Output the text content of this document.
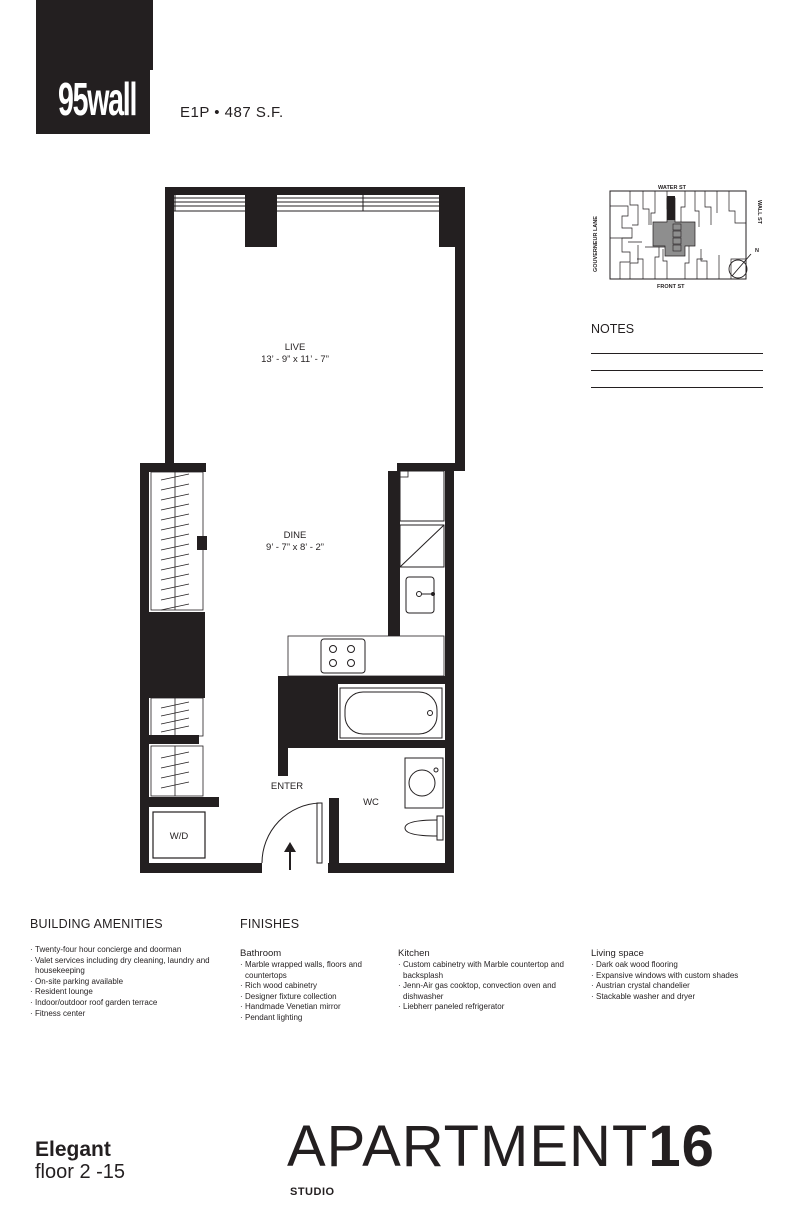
95wall	E1P • 487 S.F.
W/D
LIVE
13’ - 9” x 11’ - 7”
DINE
9’ - 7” x 8’ - 2”
ENTER
WC
WATER ST
FRONT ST
GOUVERNEUR LANE
WALL ST
N
NOTES
BUILDING AMENITIES
· Twenty-four hour concierge and doorman
· Valet services including dry cleaning, laundry and housekeeping
· On-site parking available
· Resident lounge
· Indoor/outdoor roof garden terrace
· Fitness center
FINISHES
Bathroom
· Marble wrapped walls, floors and countertops
· Rich wood cabinetry
· Designer fixture collection
· Handmade Venetian mirror
· Pendant lighting
Kitchen
· Custom cabinetry with Marble countertop and backsplash
· Jenn-Air gas cooktop, convection oven and dishwasher
· Liebherr paneled refrigerator
Living space
· Dark oak wood flooring
· Expansive windows with custom shades
· Austrian crystal chandelier
· Stackable washer and dryer
Elegant
floor 2 -15	APARTMENT16
STUDIO
